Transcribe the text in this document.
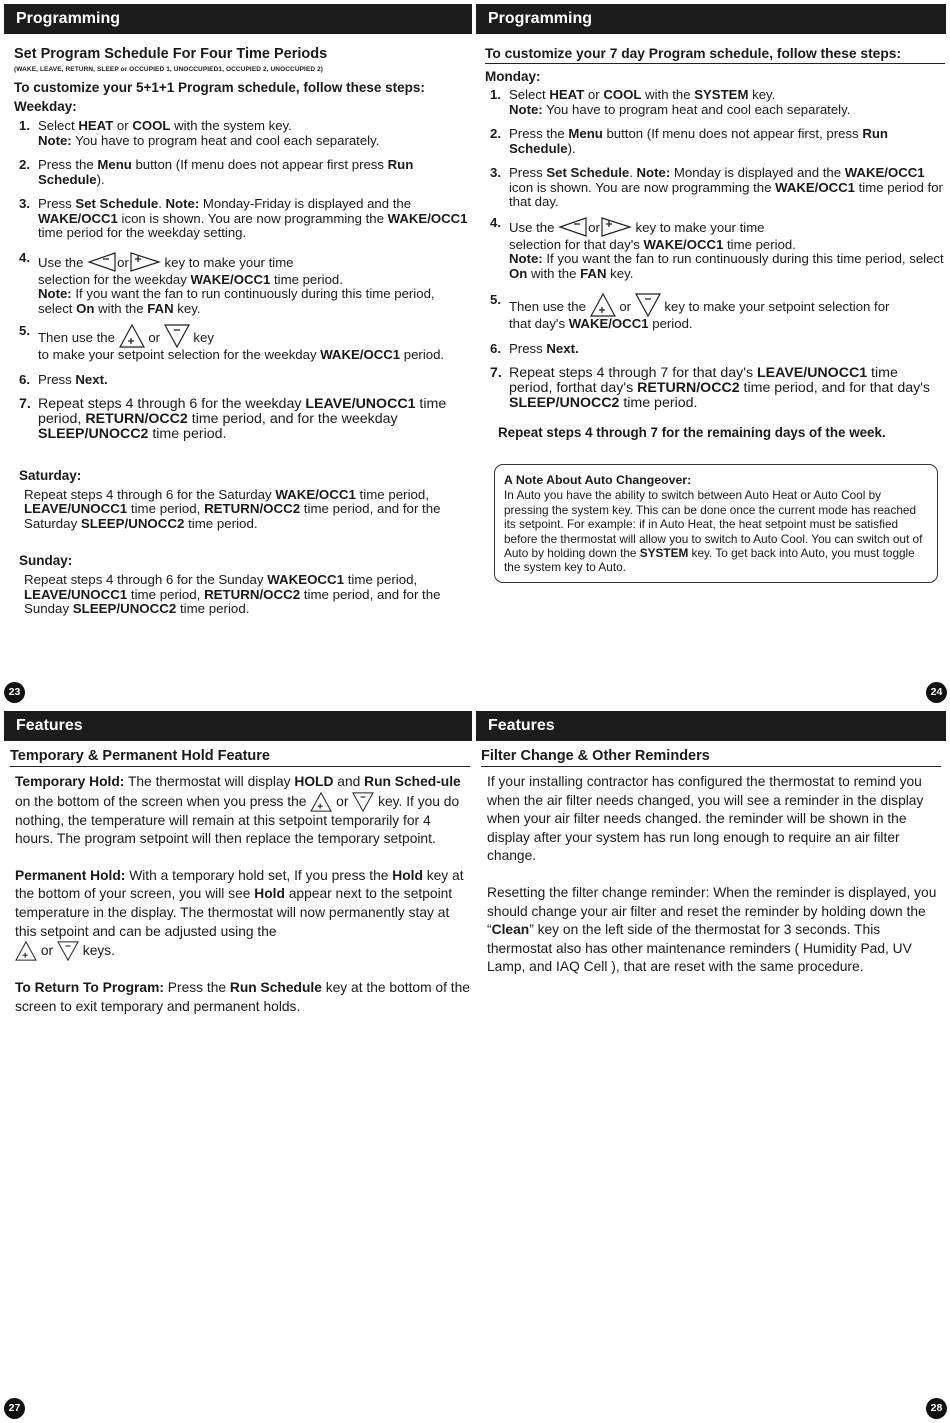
Programming
Set Program Schedule For Four Time Periods
(WAKE, LEAVE, RETURN, SLEEP or OCCUPIED 1, UNOCCUPIED1, OCCUPIED 2, UNOCCUPIED 2)
To customize your 5+1+1 Program schedule, follow these steps:
Weekday:
1. Select HEAT or COOL with the system key.
Note: You have to program heat and cool each separately.
2. Press the Menu button (If menu does not appear first press Run Schedule).
3. Press Set Schedule. Note: Monday-Friday is displayed and the WAKE/OCC1 icon is shown. You are now programming the WAKE/OCC1 time period for the weekday setting.
4. Use the	or key to make your time
selection for the weekday WAKE/OCC1 time period.
Note: If you want the fan to run continuously during this time period, select On with the FAN key.
5. Then use the	or	key
to make your setpoint selection for the weekday WAKE/OCC1 period.
6. Press Next.
7. Repeat steps 4 through 6 for the weekday LEAVE/UNOCC1 time period, RETURN/OCC2 time period, and for the weekday SLEEP/UNOCC2 time period.
Saturday:
Repeat steps 4 through 6 for the Saturday WAKE/OCC1 time period, LEAVE/UNOCC1 time period, RETURN/OCC2 time period, and for the Saturday SLEEP/UNOCC2 time period.
Sunday:
Repeat steps 4 through 6 for the Sunday WAKEOCC1 time period, LEAVE/UNOCC1 time period, RETURN/OCC2 time period, and for the Sunday SLEEP/UNOCC2 time period.
23
Programming
To customize your 7 day Program schedule, follow these steps:
Monday:
1. Select HEAT or COOL with the SYSTEM key.
Note: You have to program heat and cool each separately.
2. Press the Menu button (If menu does not appear first, press Run Schedule).
3. Press Set Schedule. Note: Monday is displayed and the WAKE/OCC1 icon is shown. You are now programming the WAKE/OCC1 time period for that day.
4. Use the	or key to make your time
selection for that day's WAKE/OCC1 time period.
Note: If you want the fan to run continuously during this time period, select On with the FAN key.
5. Then use the	or  key to make your setpoint selection for
that day's WAKE/OCC1 period.
6. Press Next.
7. Repeat steps 4 through 7 for that day's LEAVE/UNOCC1 time period, forthat day's RETURN/OCC2 time period, and for that day's SLEEP/UNOCC2 time period.
Repeat steps 4 through 7 for the remaining days of the week.
A Note About Auto Changeover:
In Auto you have the ability to switch between Auto Heat or Auto Cool by pressing the system key. This can be done once the current mode has reached its setpoint. For example: if in Auto Heat, the heat setpoint must be satisfied before the thermostat will allow you to switch to Auto Cool. You can switch out of Auto by holding down the SYSTEM key. To get back into Auto, you must toggle the system key to Auto.
24
Features
Temporary & Permanent Hold Feature
Temporary Hold: The thermostat will display HOLD and Run Sched-ule on the bottom of the screen when you press the or  key. If you do nothing, the temperature will remain at this setpoint temporarily for 4 hours. The program setpoint will then replace the temporary setpoint.
Permanent Hold: With a temporary hold set, If you press the Hold key at the bottom of your screen, you will see Hold appear next to the setpoint temperature in the display. The thermostat will now permanently stay at this setpoint and can be adjusted using the
or  keys.
To Return To Program: Press the Run Schedule key at the bottom of the screen to exit temporary and permanent holds.
27
Features
Filter Change & Other Reminders
If your installing contractor has configured the thermostat to remind you when the air filter needs changed, you will see a reminder in the display when your air filter needs changed. the reminder will be shown in the display after your system has run long enough to require an air filter change.
Resetting the filter change reminder: When the reminder is displayed, you should change your air filter and reset the reminder by holding down the “Clean” key on the left side of the thermostat for 3 seconds. This thermostat also has other maintenance reminders ( Humidity Pad, UV Lamp, and IAQ Cell ), that are reset with the same procedure.
28
